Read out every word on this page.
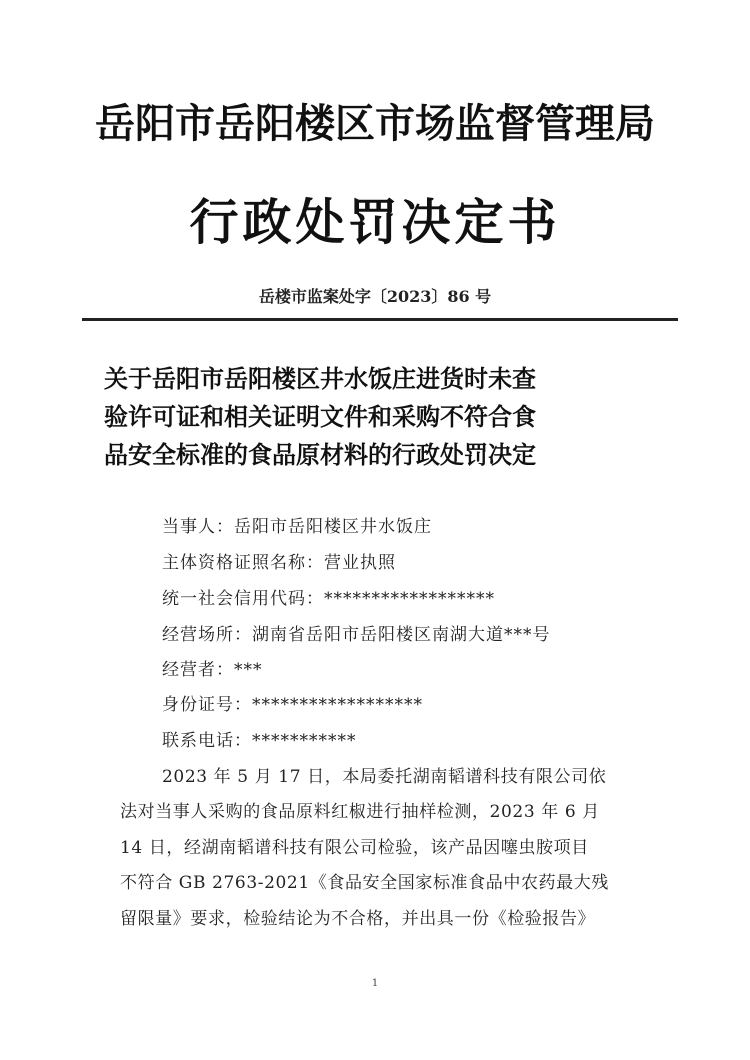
岳阳市岳阳楼区市场监督管理局
行政处罚决定书
岳楼市监案处字〔2023〕86 号
关于岳阳市岳阳楼区井水饭庄进货时未查
验许可证和相关证明文件和采购不符合食
品安全标准的食品原材料的行政处罚决定
当事人：岳阳市岳阳楼区井水饭庄
主体资格证照名称：营业执照
统一社会信用代码：******************
经营场所：湖南省岳阳市岳阳楼区南湖大道***号
经营者：***
身份证号：******************
联系电话：***********
2023 年 5 月 17 日，本局委托湖南韬谱科技有限公司依
法对当事人采购的食品原料红椒进行抽样检测，2023 年 6 月
14 日，经湖南韬谱科技有限公司检验，该产品因噻虫胺项目
不符合 GB 2763-2021《食品安全国家标准食品中农药最大残
留限量》要求，检验结论为不合格，并出具一份《检验报告》
1
